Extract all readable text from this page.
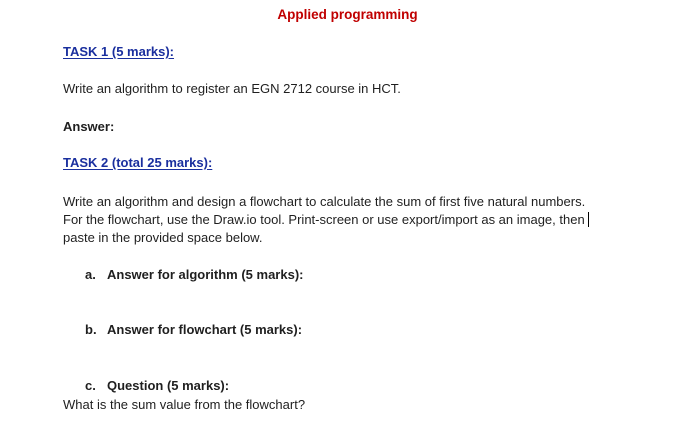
Applied programming
TASK 1 (5 marks):
Write an algorithm to register an EGN 2712 course in HCT.
Answer:
TASK 2 (total 25 marks):
Write an algorithm and design a flowchart to calculate the sum of first five natural numbers.
For the flowchart, use the Draw.io tool. Print-screen or use export/import as an image, then
paste in the provided space below.
a. Answer for algorithm (5 marks):
b. Answer for flowchart (5 marks):
c. Question (5 marks):
What is the sum value from the flowchart?
